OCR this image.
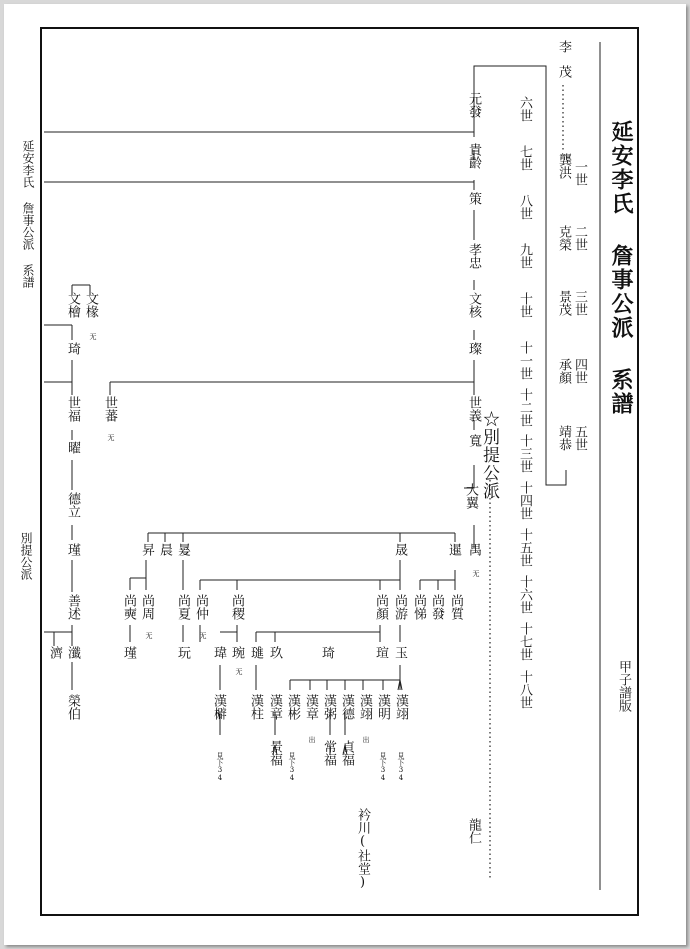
延安李氏 詹事公派 系譜
甲子譜版
延安李氏 詹事公派 系譜
別提公派
☆別提公派
一世
二世
三世
四世
五世
六世
七世
八世
九世
十世
十一世
十二世
十三世
十四世
十五世
十六世
十七世
十八世
李
茂
龔洪
克榮
景茂
承顏
靖恭
元發
貴齡
策
孝忠
文核
璨
世義
寬
大翼
禺
无
暹
晟
㬊
晨
昇
文椽
无
文檜
琦
世福 世蕃
无
曜
德立
瑾
善述
濟 瀸
榮伯
尚周
无
尚奭
瑾
尚夏
玩
尚仲
无
尚稷	尚顏 尚游 尚悌 尚發 尚質
瑋 琬
无
璡 玖	琦	瑄 玉
漢檘 漢柱 漢章 漢彬 漢章
出
漢粥 漢德 漢翊
出
漢明 漢翊
景福	常福 貞福
見下34	見下34	見下34 見下34
衿川(社堂)	龍仁
